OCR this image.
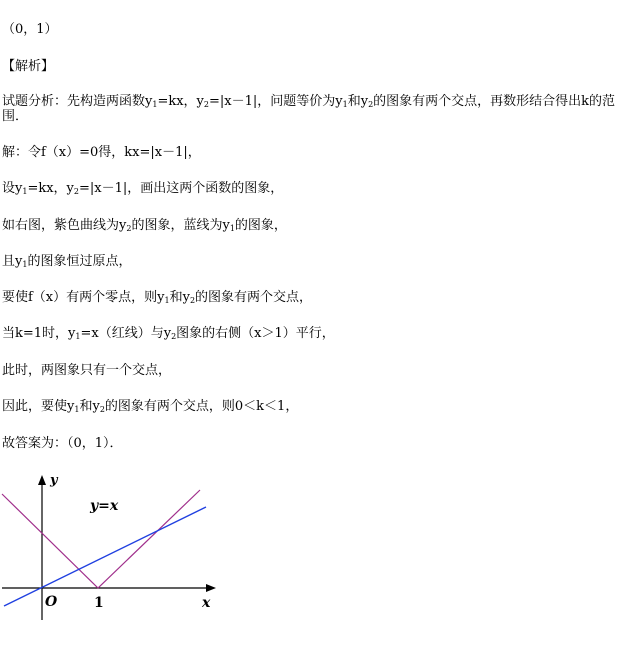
（0，1）
【解析】
试题分析：先构造两函数$y_1=kx$，$y_2=|x-1|$，问题等价为$y_1$和$y_2$的图象有两个交点，再数形结合得出k的范围．
解：令f（x）=0得，kx=|x－1|，
设$y_1=kx$，$y_2=|x-1|$，画出这两个函数的图象，
如右图，紫色曲线为$y_2$的图象，蓝线为$y_1$的图象，
且$y_1$的图象恒过原点，
要使f（x）有两个零点，则$y_1$和$y_2$的图象有两个交点，
当k=1时，$y_1=x$（红线）与$y_2$图象的右侧（x＞1）平行，
此时，两图象只有一个交点，
因此，要使$y_1$和$y_2$的图象有两个交点，则0＜k＜1，
故答案为：（0，1）．
y
x
O	1
y=x
